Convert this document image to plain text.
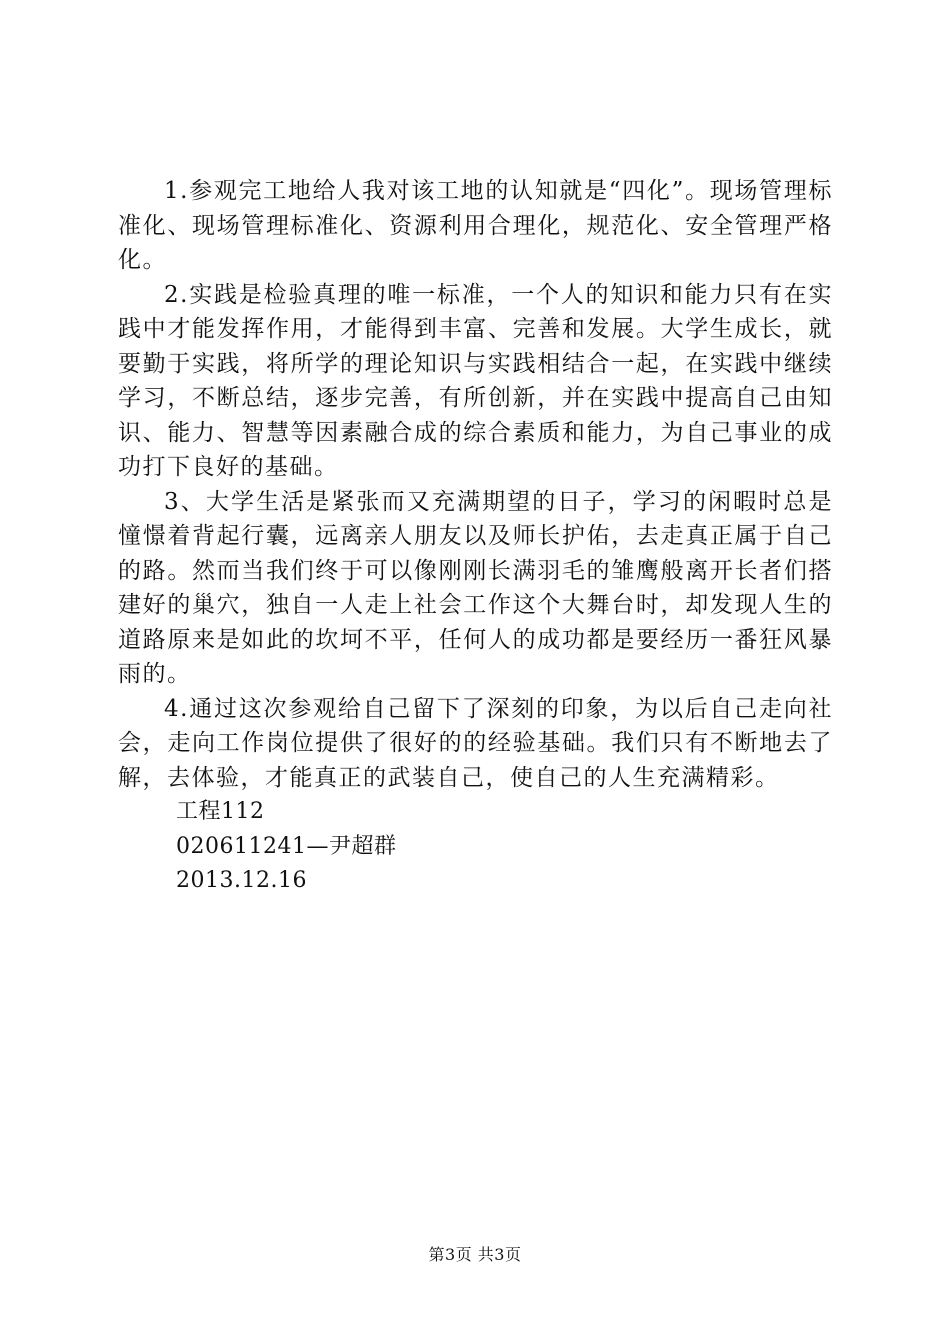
1.参观完工地给人我对该工地的认知就是“四化”。现场管理标准化、现场管理标准化、资源利用合理化，规范化、安全管理严格化。

2.实践是检验真理的唯一标准，一个人的知识和能力只有在实践中才能发挥作用，才能得到丰富、完善和发展。大学生成长，就要勤于实践，将所学的理论知识与实践相结合一起，在实践中继续学习，不断总结，逐步完善，有所创新，并在实践中提高自己由知识、能力、智慧等因素融合成的综合素质和能力，为自己事业的成功打下良好的基础。

3、大学生活是紧张而又充满期望的日子，学习的闲暇时总是憧憬着背起行囊，远离亲人朋友以及师长护佑，去走真正属于自己的路。然而当我们终于可以像刚刚长满羽毛的雏鹰般离开长者们搭建好的巢穴，独自一人走上社会工作这个大舞台时，却发现人生的道路原来是如此的坎坷不平，任何人的成功都是要经历一番狂风暴雨的。

4.通过这次参观给自己留下了深刻的印象，为以后自己走向社会，走向工作岗位提供了很好的的经验基础。我们只有不断地去了解，去体验，才能真正的武装自己，使自己的人生充满精彩。

工程112

020611241—尹超群

2013.12.16

第3页 共3页
